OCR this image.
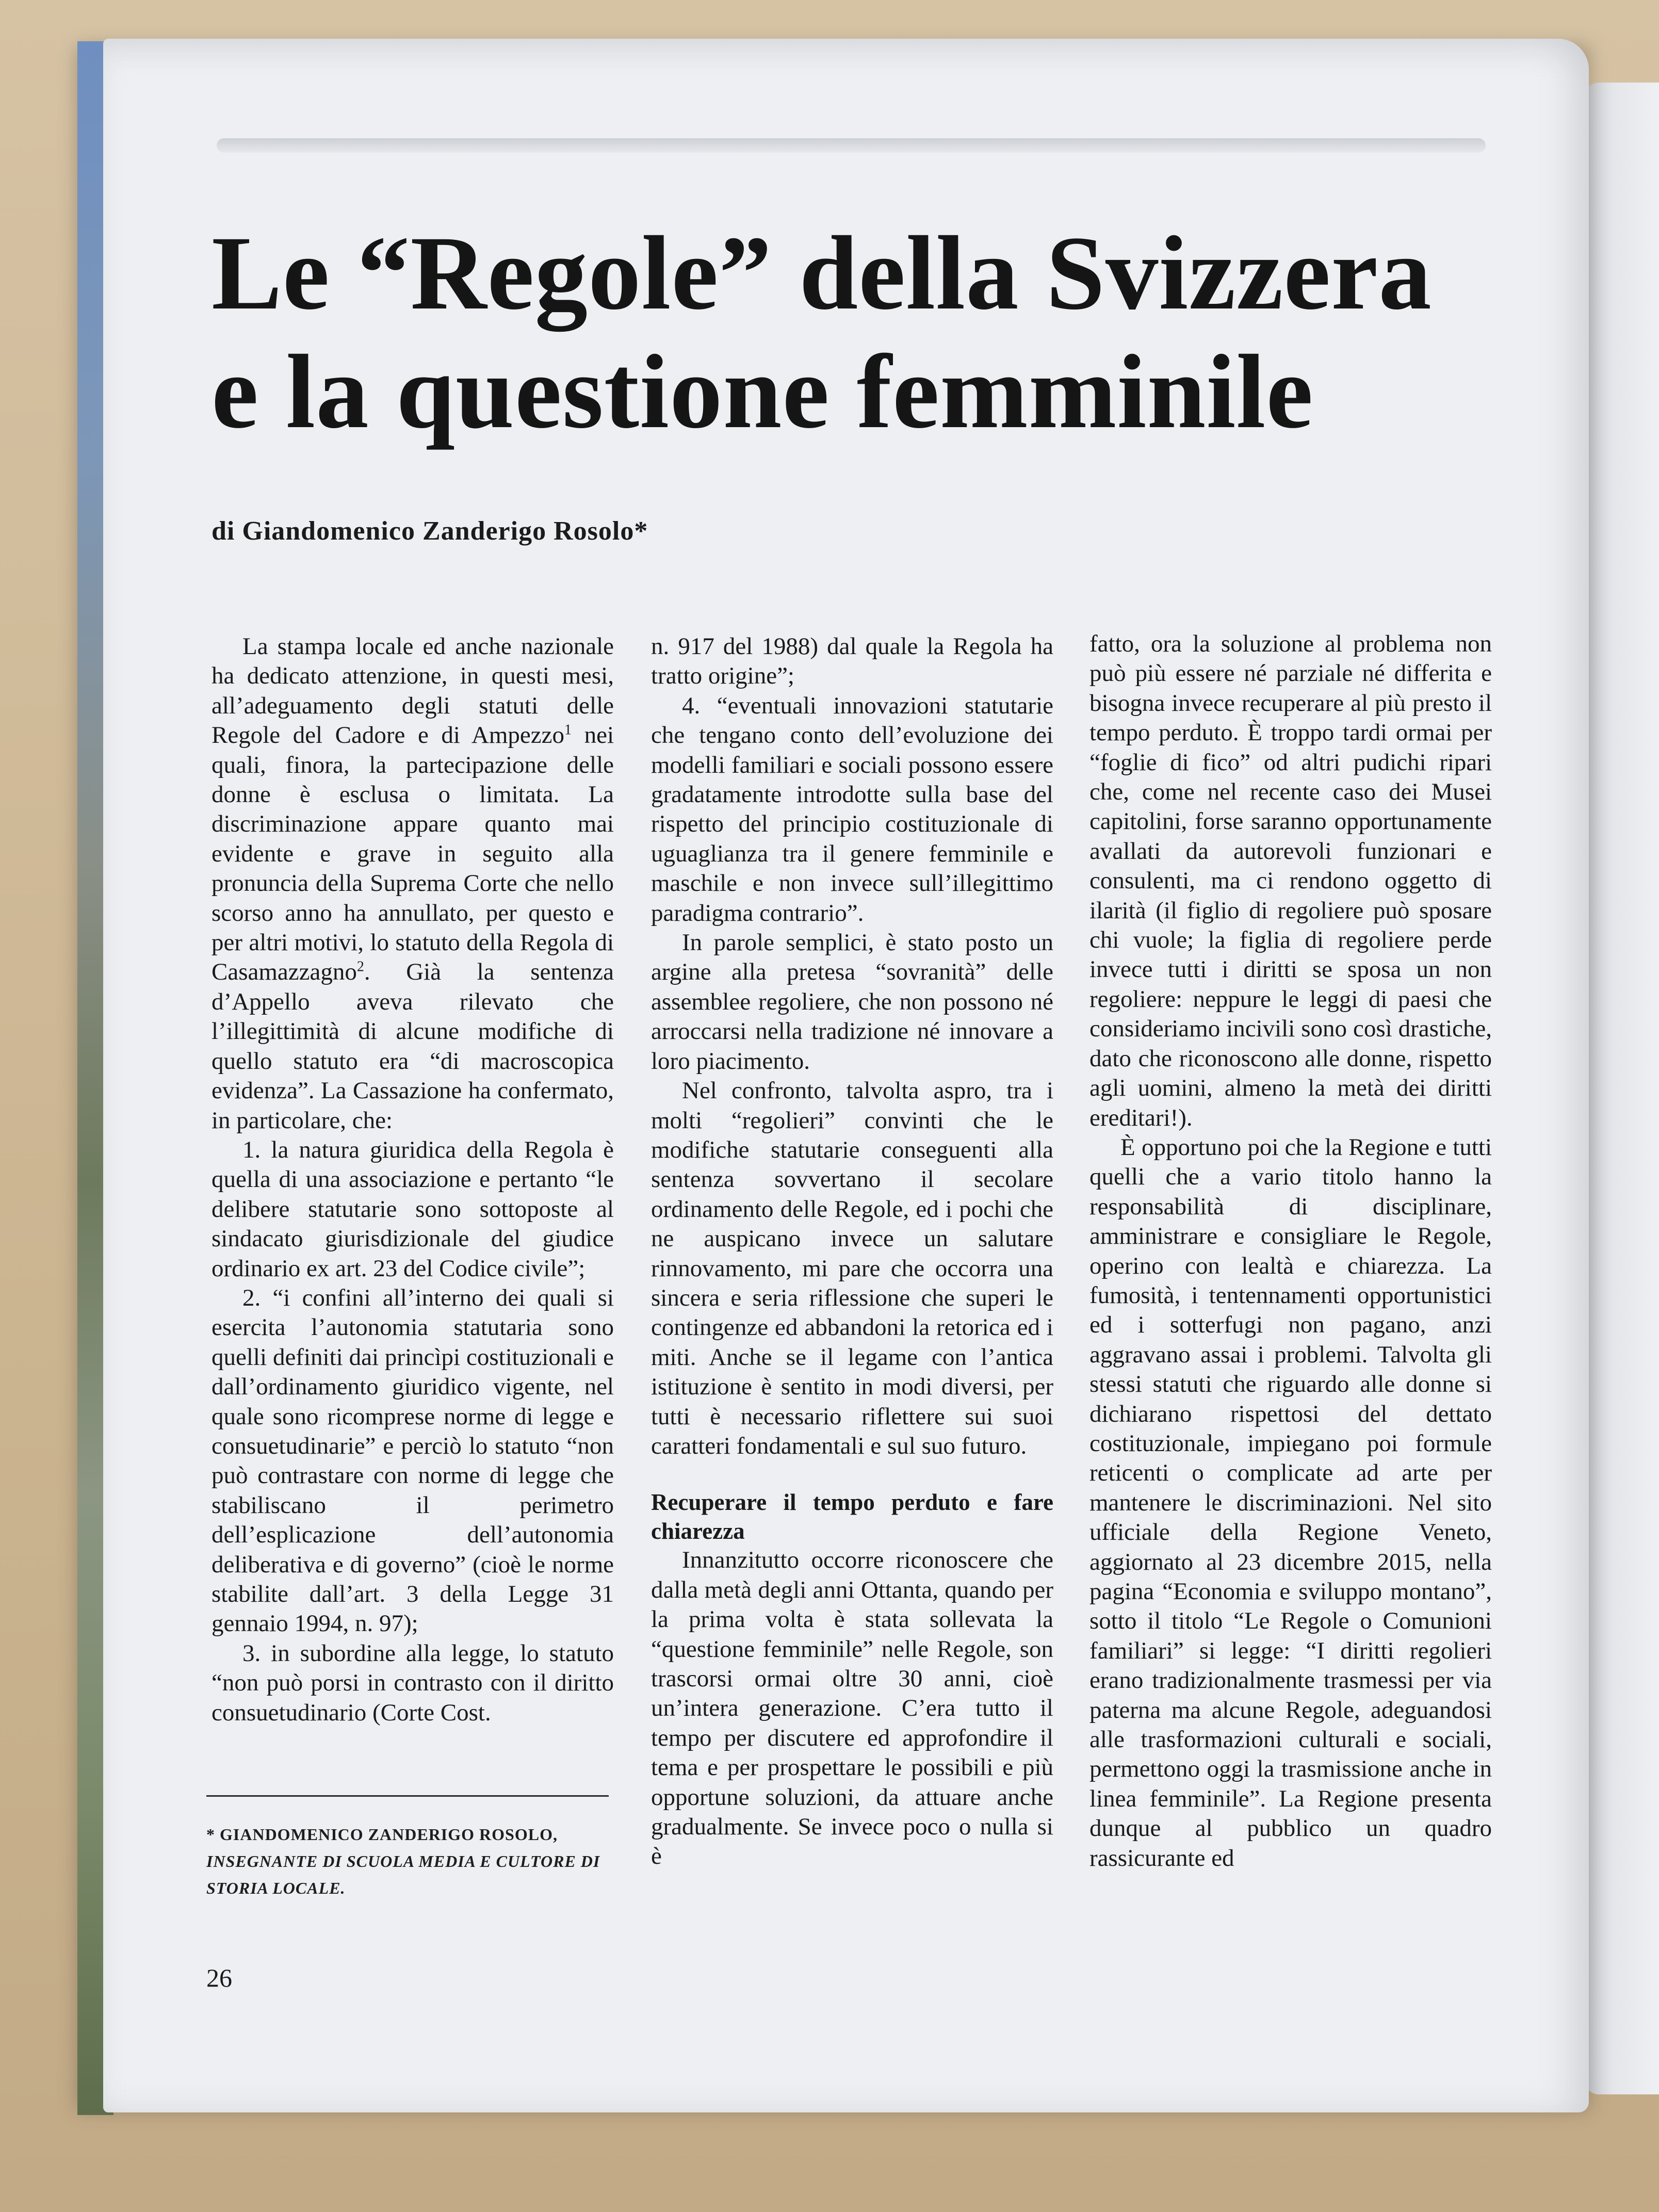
Le “Regole” della Svizzera
e la questione femminile
di Giandomenico Zanderigo Rosolo*

La stampa locale ed anche nazionale ha dedicato attenzione, in questi mesi, all’adeguamento degli statuti delle Regole del Cadore e di Ampezzo$^1$ nei quali, finora, la partecipazione delle donne è esclusa o limitata. La discriminazione appare quanto mai evidente e grave in seguito alla pronuncia della Suprema Corte che nello scorso anno ha annullato, per questo e per altri motivi, lo statuto della Regola di Casamazzagno$^2$. Già la sentenza d’Appello aveva rilevato che l’illegittimità di alcune modifiche di quello statuto era “di macroscopica evidenza”. La Cassazione ha confermato, in particolare, che:

1. la natura giuridica della Regola è quella di una associazione e pertanto “le delibere statutarie sono sottoposte al sindacato giurisdizionale del giudice ordinario ex art. 23 del Codice civile”;

2. “i confini all’interno dei quali si esercita l’autonomia statutaria sono quelli definiti dai princìpi costituzionali e dall’ordinamento giuridico vigente, nel quale sono ricomprese norme di legge e consuetudinarie” e perciò lo statuto “non può contrastare con norme di legge che stabiliscano il perimetro dell’esplicazione dell’autonomia deliberativa e di governo” (cioè le norme stabilite dall’art. 3 della Legge 31 gennaio 1994, n. 97);

3. in subordine alla legge, lo statuto “non può porsi in contrasto con il diritto consuetudinario (Corte Cost.

n. 917 del 1988) dal quale la Regola ha tratto origine”;

4. “eventuali innovazioni statutarie che tengano conto dell’evoluzione dei modelli familiari e sociali possono essere gradatamente introdotte sulla base del rispetto del principio costituzionale di uguaglianza tra il genere femminile e maschile e non invece sull’illegittimo paradigma contrario”.

In parole semplici, è stato posto un argine alla pretesa “sovranità” delle assemblee regoliere, che non possono né arroccarsi nella tradizione né innovare a loro piacimento.

Nel confronto, talvolta aspro, tra i molti “regolieri” convinti che le modifiche statutarie conseguenti alla sentenza sovvertano il secolare ordinamento delle Regole, ed i pochi che ne auspicano invece un salutare rinnovamento, mi pare che occorra una sincera e seria riflessione che superi le contingenze ed abbandoni la retorica ed i miti. Anche se il legame con l’antica istituzione è sentito in modi diversi, per tutti è necessario riflettere sui suoi caratteri fondamentali e sul suo futuro.

Recuperare il tempo perduto e fare chiarezza

Innanzitutto occorre riconoscere che dalla metà degli anni Ottanta, quando per la prima volta è stata sollevata la “questione femminile” nelle Regole, son trascorsi ormai oltre 30 anni, cioè un’intera generazione. C’era tutto il tempo per discutere ed approfondire il tema e per prospettare le possibili e più opportune soluzioni, da attuare anche gradualmente. Se invece poco o nulla si è

fatto, ora la soluzione al problema non può più essere né parziale né differita e bisogna invece recuperare al più presto il tempo perduto. È troppo tardi ormai per “foglie di fico” od altri pudichi ripari che, come nel recente caso dei Musei capitolini, forse saranno opportunamente avallati da autorevoli funzionari e consulenti, ma ci rendono oggetto di ilarità (il figlio di regoliere può sposare chi vuole; la figlia di regoliere perde invece tutti i diritti se sposa un non regoliere: neppure le leggi di paesi che consideriamo incivili sono così drastiche, dato che riconoscono alle donne, rispetto agli uomini, almeno la metà dei diritti ereditari!).

È opportuno poi che la Regione e tutti quelli che a vario titolo hanno la responsabilità di disciplinare, amministrare e consigliare le Regole, operino con lealtà e chiarezza. La fumosità, i tentennamenti opportunistici ed i sotterfugi non pagano, anzi aggravano assai i problemi. Talvolta gli stessi statuti che riguardo alle donne si dichiarano rispettosi del dettato costituzionale, impiegano poi formule reticenti o complicate ad arte per mantenere le discriminazioni. Nel sito ufficiale della Regione Veneto, aggiornato al 23 dicembre 2015, nella pagina “Economia e sviluppo montano”, sotto il titolo “Le Regole o Comunioni familiari” si legge: “I diritti regolieri erano tradizionalmente trasmessi per via paterna ma alcune Regole, adeguandosi alle trasformazioni culturali e sociali, permettono oggi la trasmissione anche in linea femminile”. La Regione presenta dunque al pubblico un quadro rassicurante ed

* GIANDOMENICO ZANDERIGO ROSOLO, INSEGNANTE DI SCUOLA MEDIA E CULTORE DI STORIA LOCALE.
26
